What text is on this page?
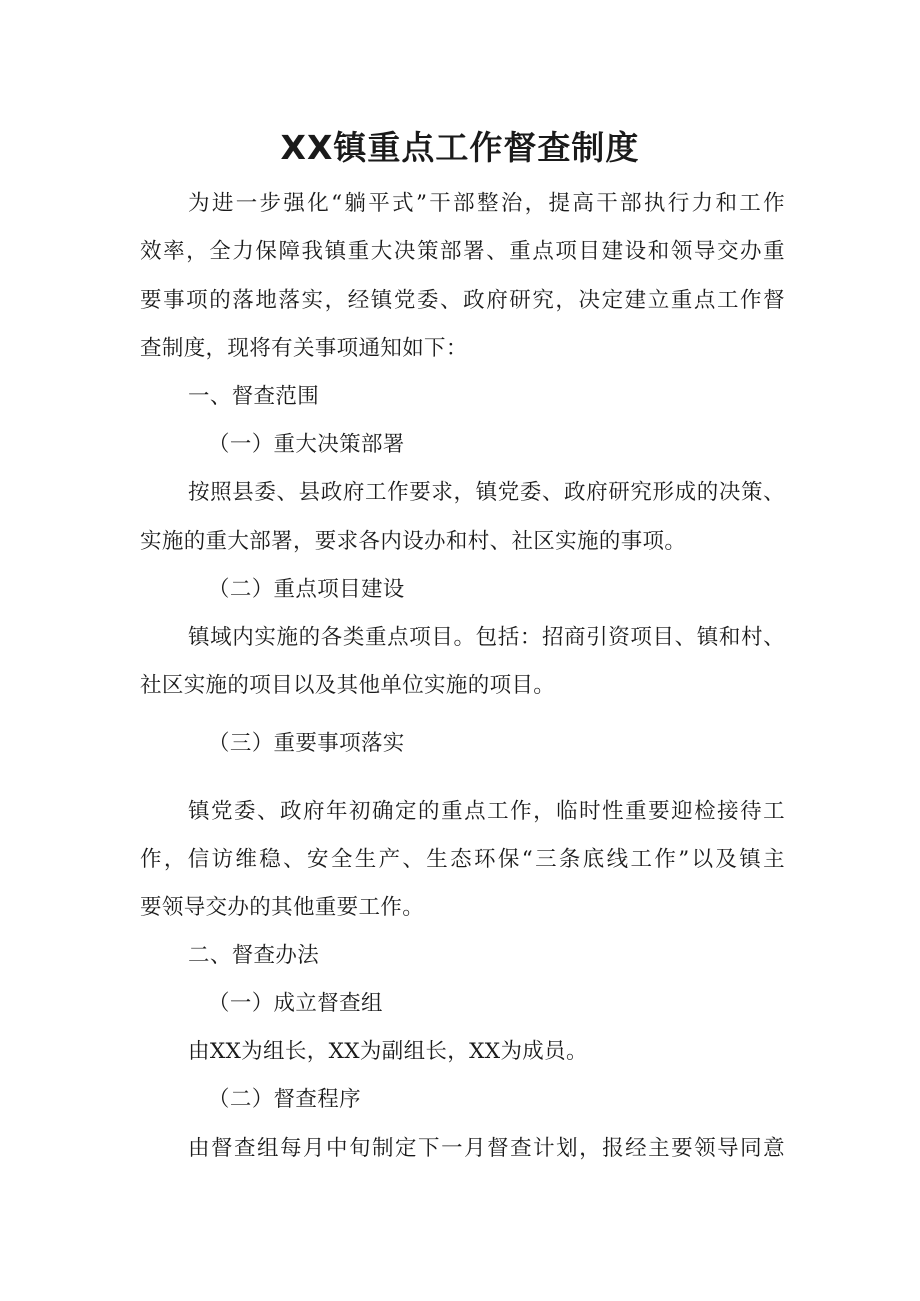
XX镇重点工作督查制度

为进一步强化“躺平式”干部整治，提高干部执行力和工作

效率，全力保障我镇重大决策部署、重点项目建设和领导交办重

要事项的落地落实，经镇党委、政府研究，决定建立重点工作督

查制度，现将有关事项通知如下：

一、督查范围

（一）重大决策部署

按照县委、县政府工作要求，镇党委、政府研究形成的决策、

实施的重大部署，要求各内设办和村、社区实施的事项。

（二）重点项目建设

镇域内实施的各类重点项目。包括：招商引资项目、镇和村、

社区实施的项目以及其他单位实施的项目。

（三）重要事项落实

镇党委、政府年初确定的重点工作，临时性重要迎检接待工

作，信访维稳、安全生产、生态环保“三条底线工作”以及镇主

要领导交办的其他重要工作。

二、督查办法

（一）成立督查组

由XX为组长，XX为副组长，XX为成员。

（二）督查程序

由督查组每月中旬制定下一月督查计划，报经主要领导同意
